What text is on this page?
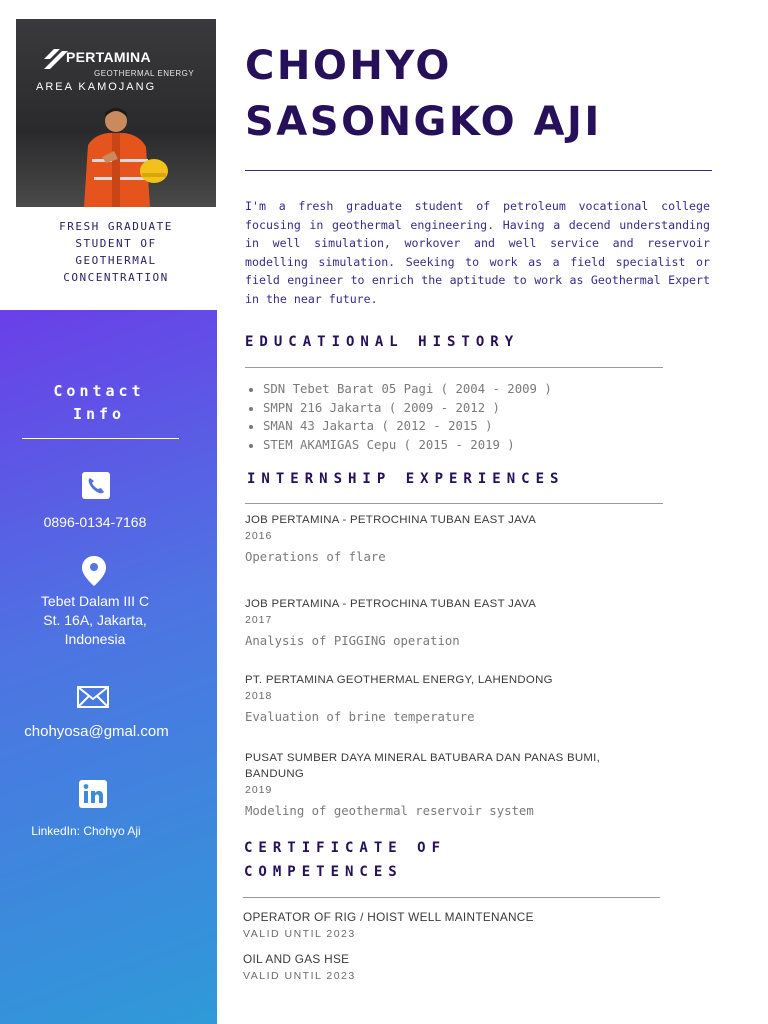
PERTAMINA
GEOTHERMAL ENERGY
AREA KAMOJANG
FRESH GRADUATE
STUDENT OF
GEOTHERMAL
CONCENTRATION
Contact
Info
0896-0134-7168
Tebet Dalam III C
St. 16A, Jakarta,
Indonesia
chohyosa@gmal.com
LinkedIn: Chohyo Aji
CHOHYO
SASONGKO AJI
I'm a fresh graduate student of petroleum vocational college focusing in geothermal engineering. Having a decend understanding in well simulation, workover and well service and reservoir modelling simulation. Seeking to work as a field specialist or field engineer to enrich the aptitude to work as Geothermal Expert in the near future.
EDUCATIONAL HISTORY
• SDN Tebet Barat 05 Pagi ( 2004 - 2009 )
• SMPN 216 Jakarta ( 2009 - 2012 )
• SMAN 43 Jakarta ( 2012 - 2015 )
• STEM AKAMIGAS Cepu ( 2015 - 2019 )
INTERNSHIP EXPERIENCES
JOB PERTAMINA - PETROCHINA TUBAN EAST JAVA
2016
Operations of flare
JOB PERTAMINA - PETROCHINA TUBAN EAST JAVA
2017
Analysis of PIGGING operation
PT. PERTAMINA GEOTHERMAL ENERGY, LAHENDONG
2018
Evaluation of brine temperature
PUSAT SUMBER DAYA MINERAL BATUBARA DAN PANAS BUMI, BANDUNG
2019
Modeling of geothermal reservoir system
CERTIFICATE OF
COMPETENCES
OPERATOR OF RIG / HOIST WELL MAINTENANCE
VALID UNTIL 2023
OIL AND GAS HSE
VALID UNTIL 2023
